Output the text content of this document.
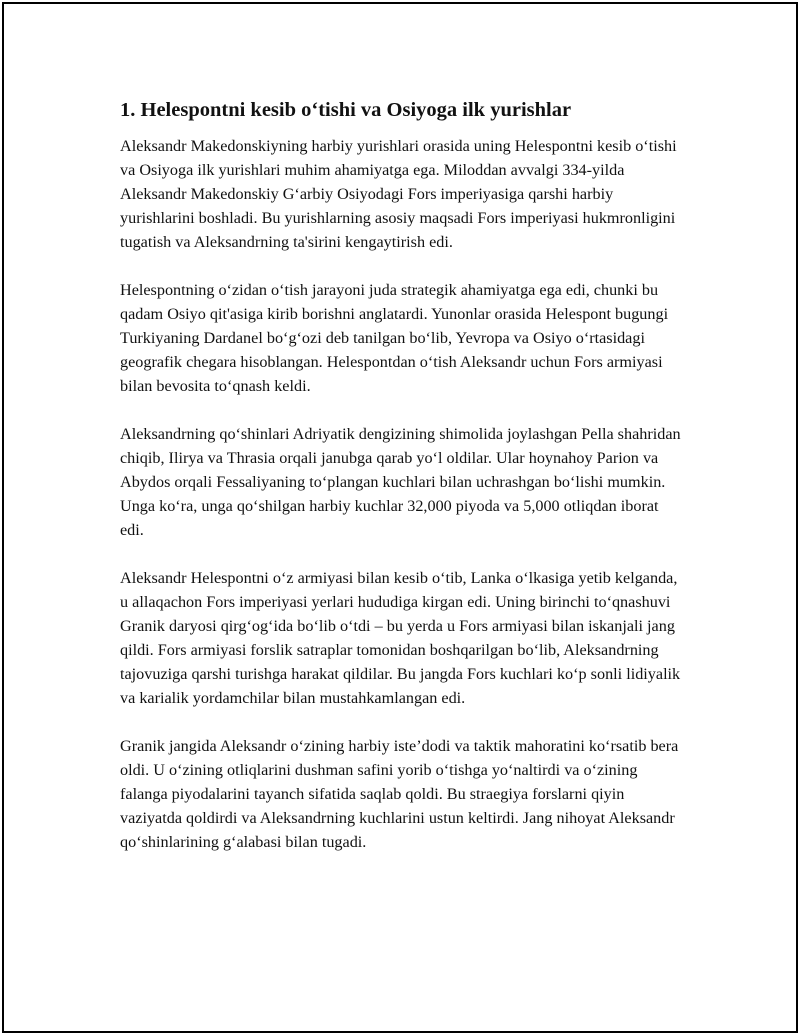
1. Helespontni kesib o‘tishi va Osiyoga ilk yurishlar

Aleksandr Makedonskiyning harbiy yurishlari orasida uning Helespontni kesib o‘tishi va Osiyoga ilk yurishlari muhim ahamiyatga ega. Miloddan avvalgi 334-yilda Aleksandr Makedonskiy G‘arbiy Osiyodagi Fors imperiyasiga qarshi harbiy yurishlarini boshladi. Bu yurishlarning asosiy maqsadi Fors imperiyasi hukmronligini tugatish va Aleksandrning ta'sirini kengaytirish edi.

Helespontning o‘zidan o‘tish jarayoni juda strategik ahamiyatga ega edi, chunki bu qadam Osiyo qit'asiga kirib borishni anglatardi. Yunonlar orasida Helespont bugungi Turkiyaning Dardanel bo‘g‘ozi deb tanilgan bo‘lib, Yevropa va Osiyo o‘rtasidagi geografik chegara hisoblangan. Helespontdan o‘tish Aleksandr uchun Fors armiyasi bilan bevosita to‘qnash keldi.

Aleksandrning qo‘shinlari Adriyatik dengizining shimolida joylashgan Pella shahridan chiqib, Ilirya va Thrasia orqali janubga qarab yo‘l oldilar. Ular hoynahoy Parion va Abydos orqali Fessaliyaning to‘plangan kuchlari bilan uchrashgan bo‘lishi mumkin. Unga ko‘ra, unga qo‘shilgan harbiy kuchlar 32,000 piyoda va 5,000 otliqdan iborat edi.

Aleksandr Helespontni o‘z armiyasi bilan kesib o‘tib, Lanka o‘lkasiga yetib kelganda, u allaqachon Fors imperiyasi yerlari hududiga kirgan edi. Uning birinchi to‘qnashuvi Granik daryosi qirg‘og‘ida bo‘lib o‘tdi – bu yerda u Fors armiyasi bilan iskanjali jang qildi. Fors armiyasi forslik satraplar tomonidan boshqarilgan bo‘lib, Aleksandrning tajovuziga qarshi turishga harakat qildilar. Bu jangda Fors kuchlari ko‘p sonli lidiyalik va karialik yordamchilar bilan mustahkamlangan edi.

Granik jangida Aleksandr o‘zining harbiy iste’dodi va taktik mahoratini ko‘rsatib bera oldi. U o‘zining otliqlarini dushman safini yorib o‘tishga yo‘naltirdi va o‘zining falanga piyodalarini tayanch sifatida saqlab qoldi. Bu straegiya forslarni qiyin vaziyatda qoldirdi va Aleksandrning kuchlarini ustun keltirdi. Jang nihoyat Aleksandr qo‘shinlarining g‘alabasi bilan tugadi.
